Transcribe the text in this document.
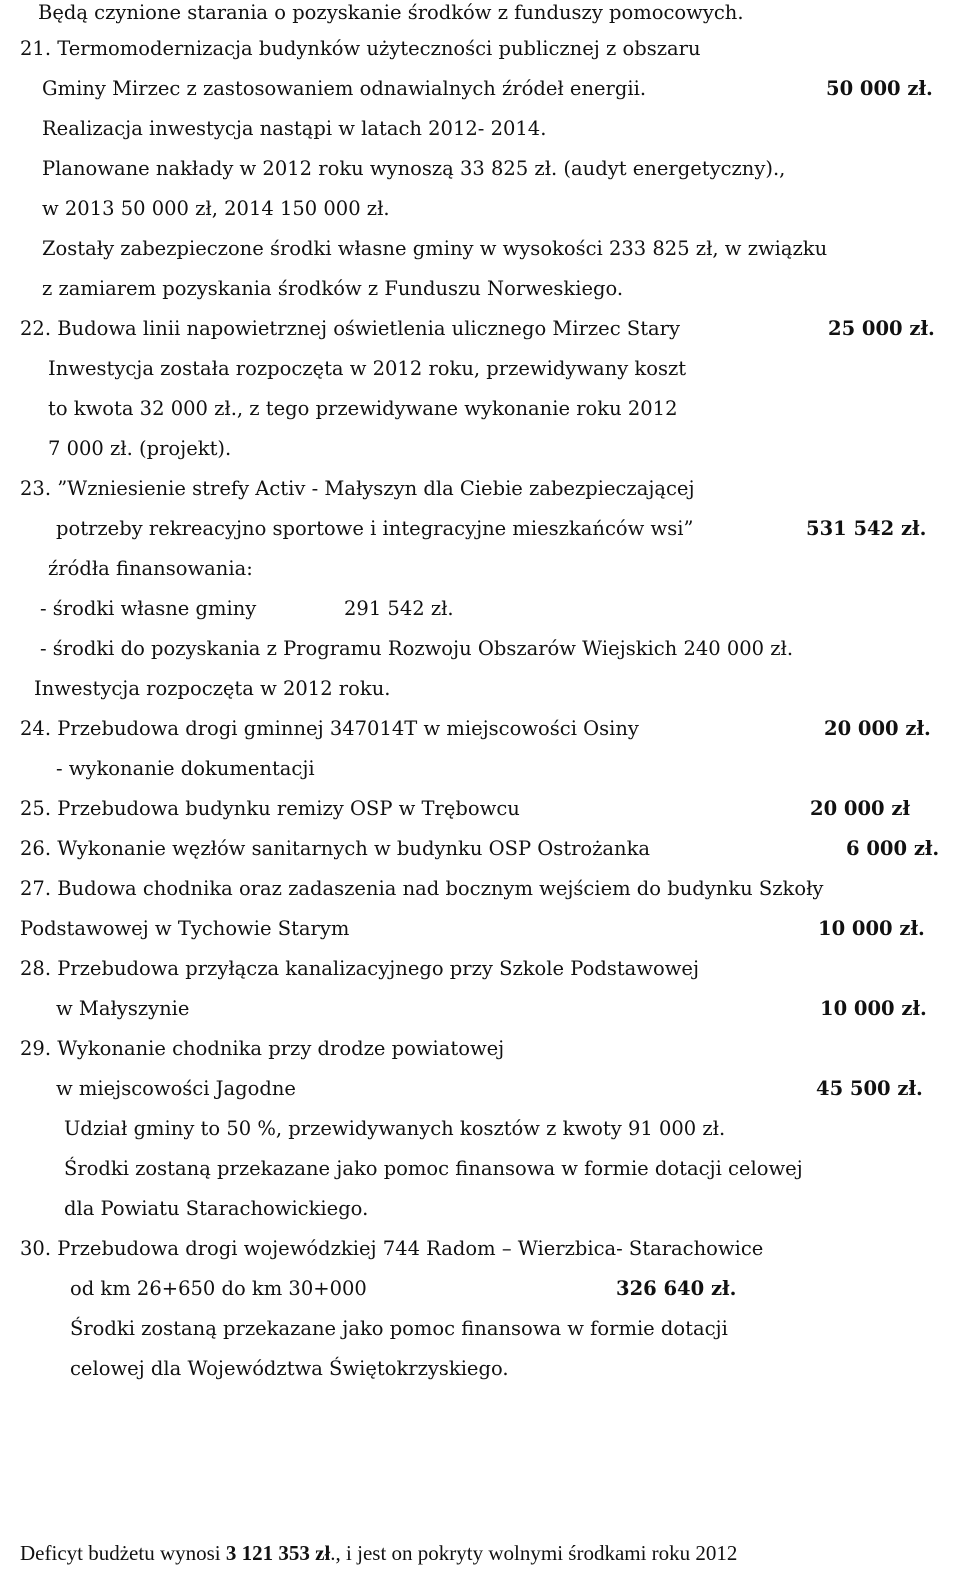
Będą czynione starania o pozyskanie środków z funduszy pomocowych.
21. Termomodernizacja budynków użyteczności publicznej z obszaru
Gminy Mirzec z zastosowaniem odnawialnych źródeł energii.	50 000 zł.
Realizacja inwestycja nastąpi w latach 2012- 2014.
Planowane nakłady w 2012 roku wynoszą 33 825 zł. (audyt energetyczny).,
w 2013 50 000 zł, 2014 150 000 zł.
Zostały zabezpieczone środki własne gminy w wysokości 233 825 zł, w związku
z zamiarem pozyskania środków z Funduszu Norweskiego.
22. Budowa linii napowietrznej oświetlenia ulicznego Mirzec Stary	25 000 zł.
Inwestycja została rozpoczęta w 2012 roku, przewidywany koszt
to kwota 32 000 zł., z tego przewidywane wykonanie roku 2012
7 000 zł. (projekt).
23. ”Wzniesienie strefy Activ - Małyszyn dla Ciebie zabezpieczającej
potrzeby rekreacyjno sportowe i integracyjne mieszkańców wsi”	531 542 zł.
źródła finansowania:
- środki własne gminy	291 542 zł.
- środki do pozyskania z Programu Rozwoju Obszarów Wiejskich 240 000 zł.
Inwestycja rozpoczęta w 2012 roku.
24. Przebudowa drogi gminnej 347014T w miejscowości Osiny	20 000 zł.
- wykonanie dokumentacji
25. Przebudowa budynku remizy OSP w Trębowcu	20 000 zł
26. Wykonanie węzłów sanitarnych w budynku OSP Ostrożanka	6 000 zł.
27. Budowa chodnika oraz zadaszenia nad bocznym wejściem do budynku Szkoły
Podstawowej w Tychowie Starym	10 000 zł.
28. Przebudowa przyłącza kanalizacyjnego przy Szkole Podstawowej
w Małyszynie	10 000 zł.
29. Wykonanie chodnika przy drodze powiatowej
w miejscowości Jagodne	45 500 zł.
Udział gminy to 50 %, przewidywanych kosztów z kwoty 91 000 zł.
Środki zostaną przekazane jako pomoc finansowa w formie dotacji celowej
dla Powiatu Starachowickiego.
30. Przebudowa drogi wojewódzkiej 744 Radom – Wierzbica- Starachowice
od km 26+650 do km 30+000	326 640 zł.
Środki zostaną przekazane jako pomoc finansowa w formie dotacji
celowej dla Województwa Świętokrzyskiego.
Deficyt budżetu wynosi 3 121 353 zł., i jest on pokryty wolnymi środkami roku 2012
